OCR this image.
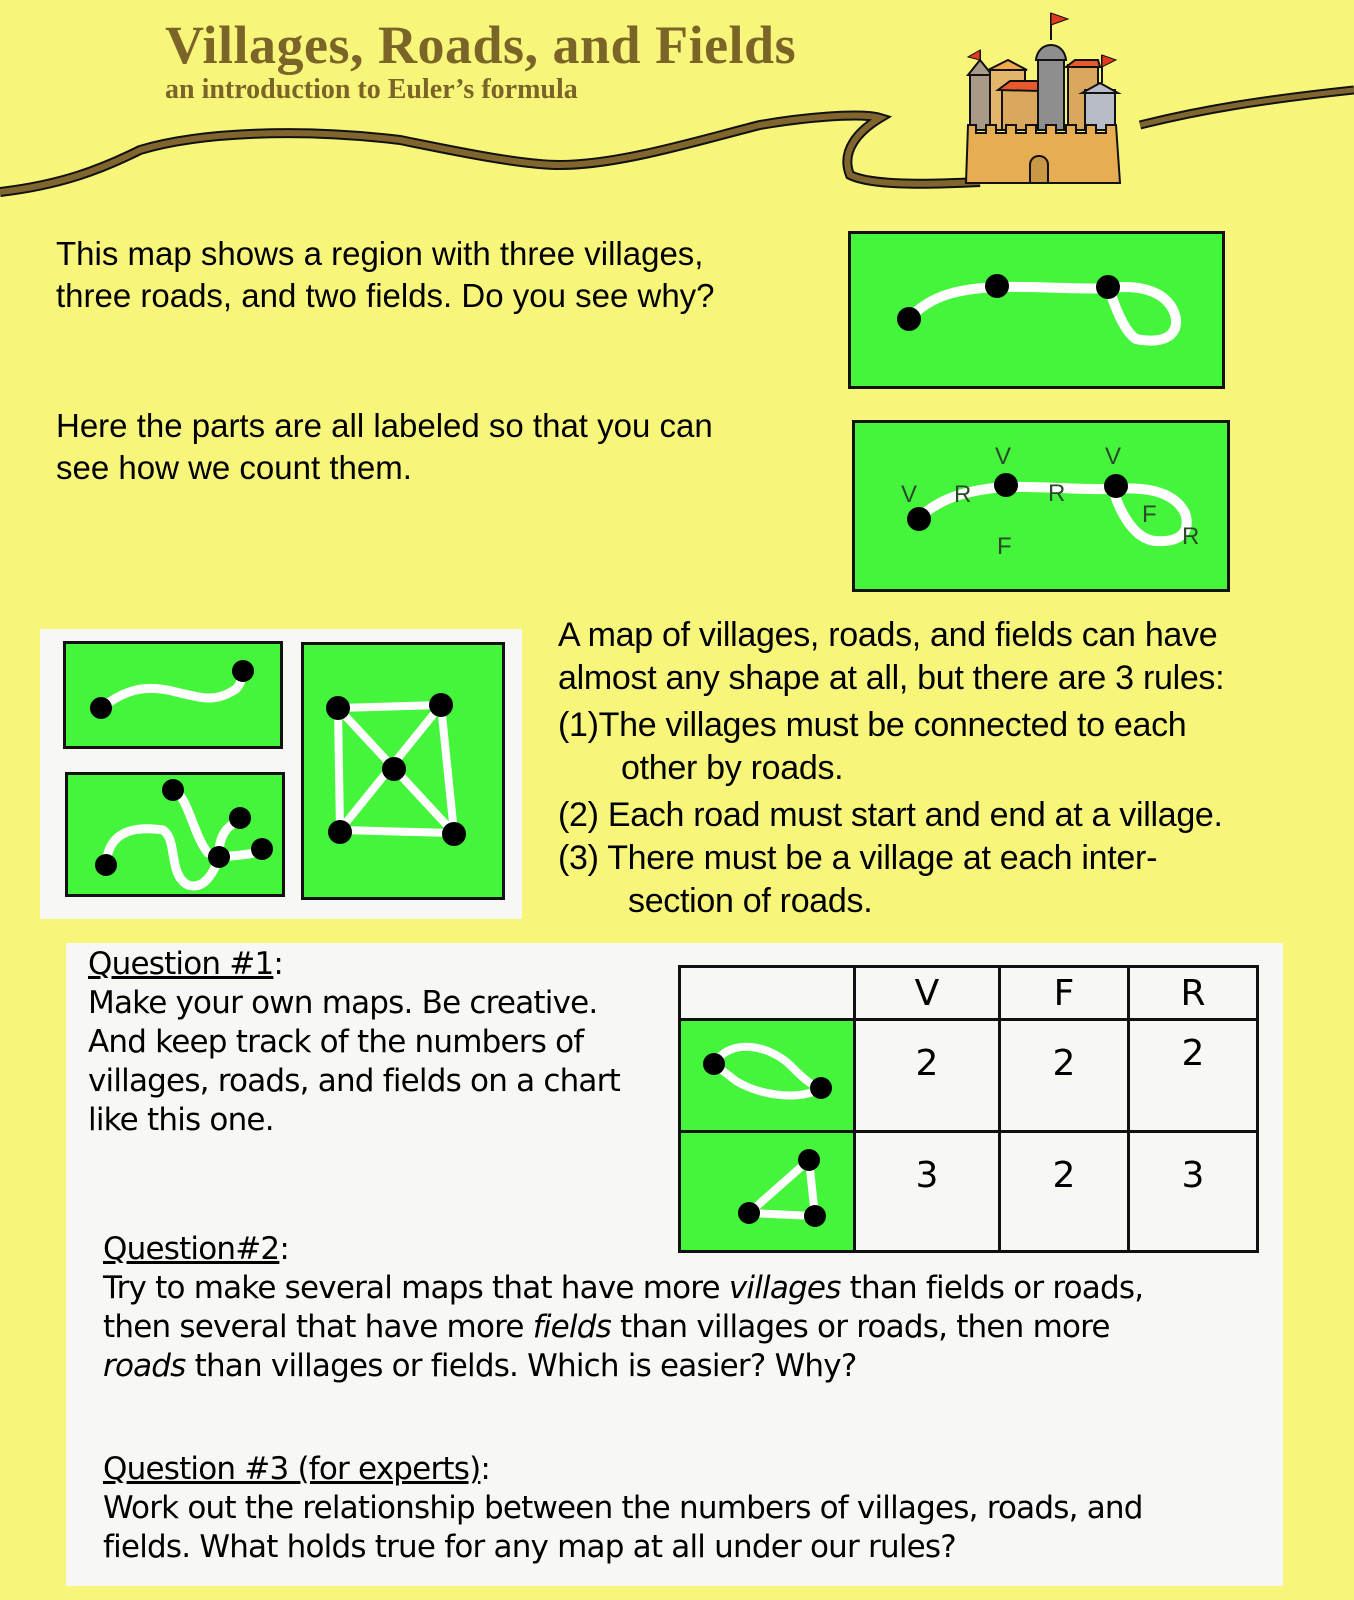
Villages, Roads, and Fields
an introduction to Euler’s formula
This map shows a region with three villages,
three roads, and two fields. Do you see why?
Here the parts are all labeled so that you can
see how we count them.
V
V	V
R	R
R
F
F
A map of villages, roads, and fields can have
almost any shape at all, but there are 3 rules:
(1)The villages must be connected to each
other by roads.
(2) Each road must start and end at a village.
(3) There must be a village at each inter-
section of roads.
Question #1:
Make your own maps. Be creative.
And keep track of the numbers of
villages, roads, and fields on a chart
like this one.
	V	F	R
	2	2	2
	3	2	3
Question#2:
Try to make several maps that have more villages than fields or roads,
then several that have more fields than villages or roads, then more
roads than villages or fields. Which is easier? Why?
Question #3 (for experts):
Work out the relationship between the numbers of villages, roads, and
fields. What holds true for any map at all under our rules?
